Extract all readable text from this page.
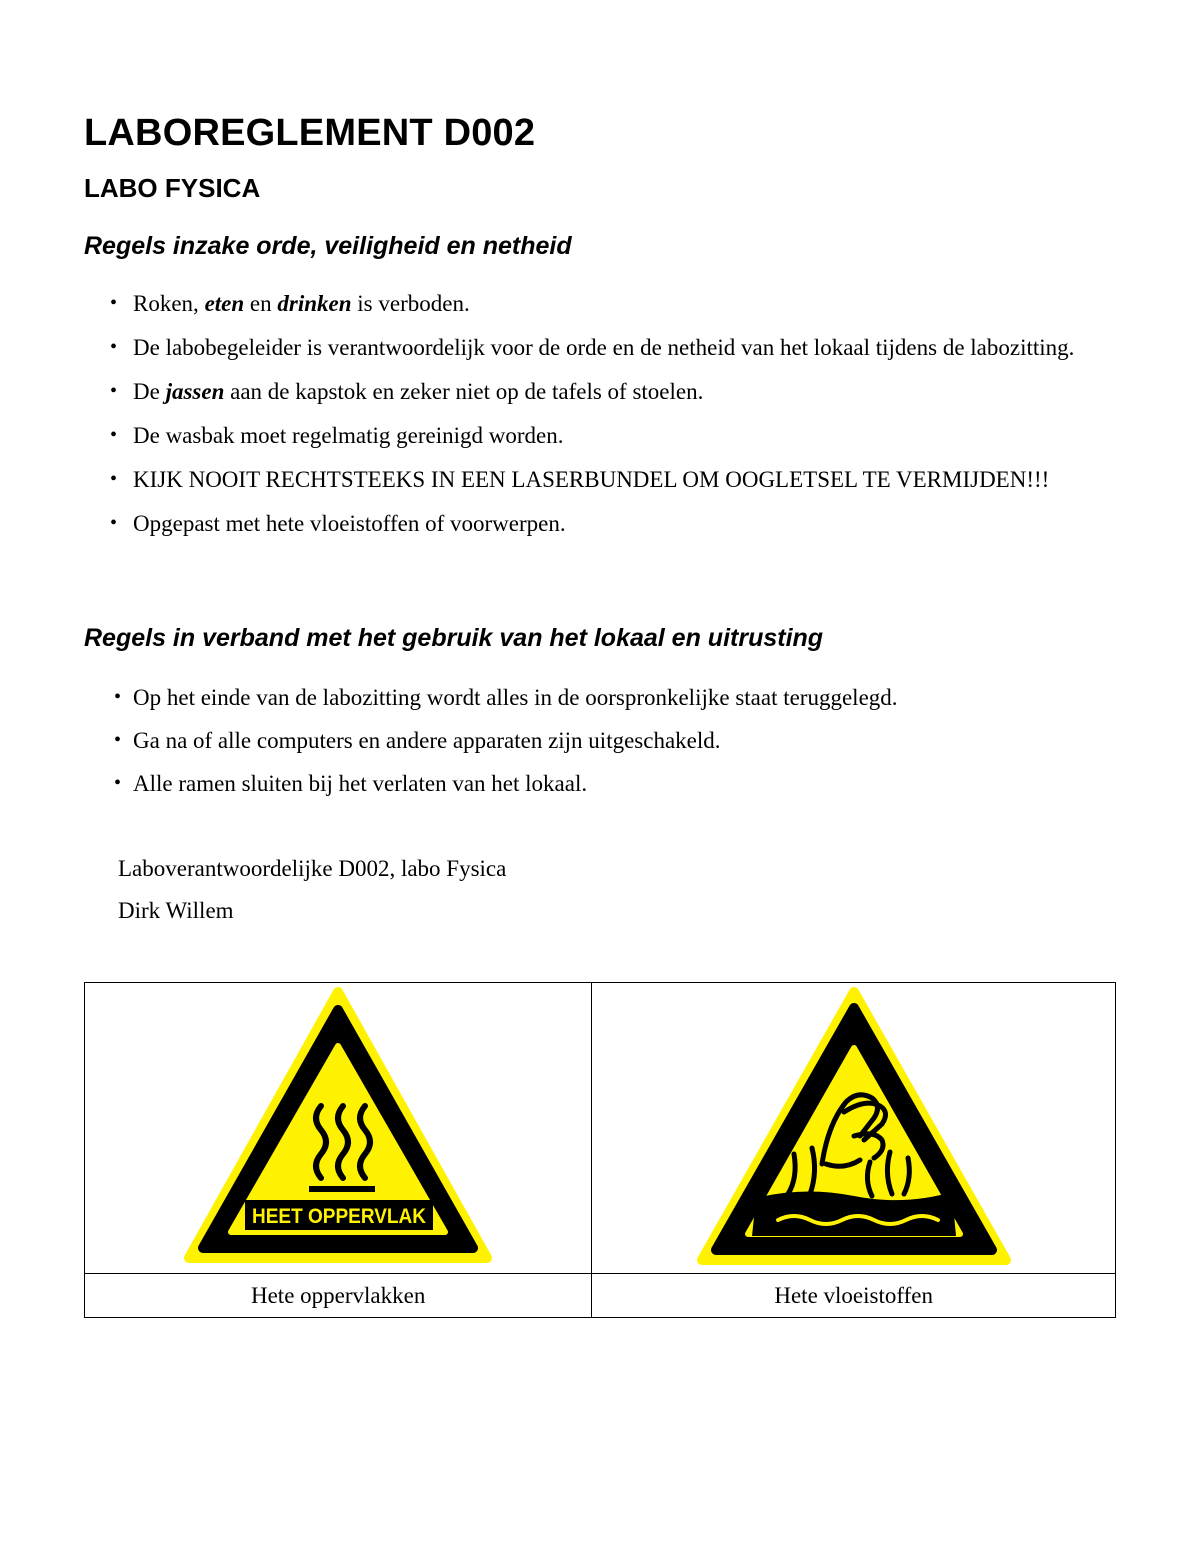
LABOREGLEMENT D002
LABO FYSICA
Regels inzake orde, veiligheid en netheid
• Roken, eten en drinken is verboden.
• De labobegeleider is verantwoordelijk voor de orde en de netheid van het lokaal tijdens de labozitting.
• De jassen aan de kapstok en zeker niet op de tafels of stoelen.
• De wasbak moet regelmatig gereinigd worden.
• KIJK NOOIT RECHTSTEEKS IN EEN LASERBUNDEL OM OOGLETSEL TE VERMIJDEN!!!
• Opgepast met hete vloeistoffen of voorwerpen.
Regels in verband met het gebruik van het lokaal en uitrusting
• Op het einde van de labozitting wordt alles in de oorspronkelijke staat teruggelegd.
• Ga na of alle computers en andere apparaten zijn uitgeschakeld.
• Alle ramen sluiten bij het verlaten van het lokaal.

Laboverantwoordelijke D002, labo Fysica

Dirk Willem

HEET OPPERVLAK

Hete oppervlakken	Hete vloeistoffen
